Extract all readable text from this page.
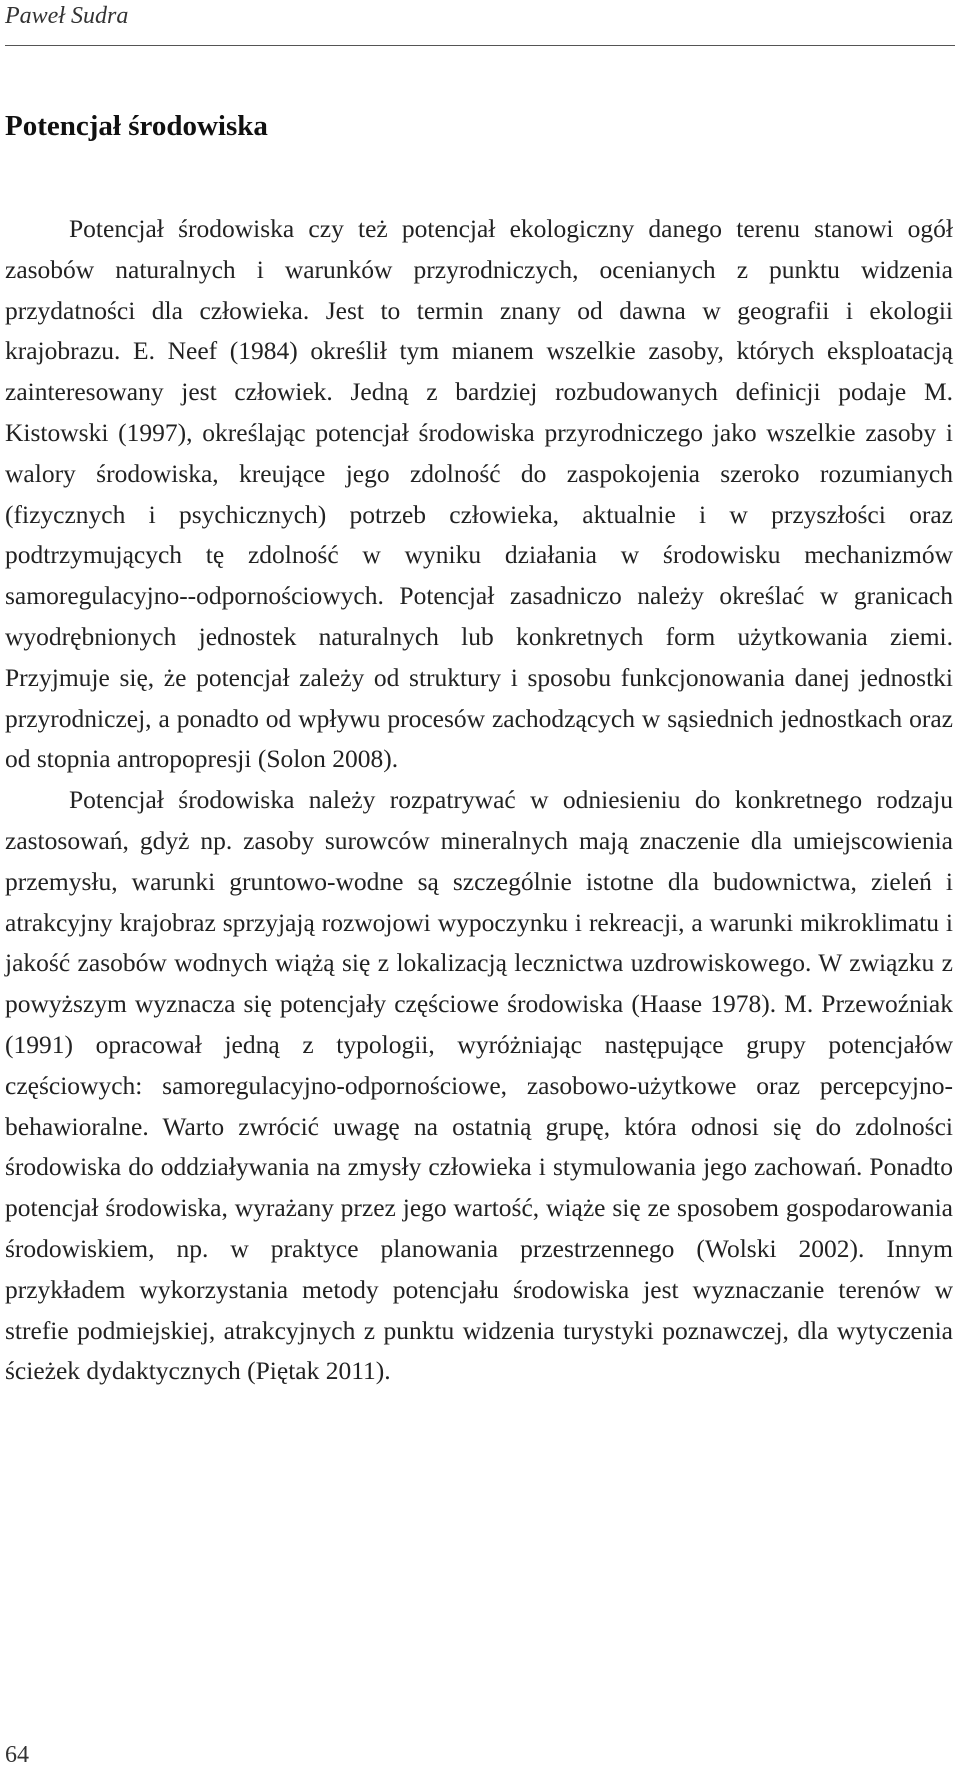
Paweł Sudra
Potencjał środowiska

Potencjał środowiska czy też potencjał ekologiczny danego terenu stanowi ogół zasobów naturalnych i warunków przyrodniczych, ocenianych z punktu widzenia przydatności dla człowieka. Jest to termin znany od dawna w geografii i ekologii krajobrazu. E. Neef (1984) określił tym mianem wszelkie zasoby, których eksploatacją zainteresowany jest człowiek. Jedną z bardziej rozbudowanych definicji podaje M. Kistowski (1997), określając potencjał środowiska przyrodniczego jako wszelkie zasoby i walory środowiska, kreujące jego zdolność do zaspokojenia szeroko rozumianych (fizycznych i psychicznych) potrzeb człowieka, aktualnie i w przyszłości oraz podtrzymujących tę zdolność w wyniku działania w środowisku mechanizmów samoregulacyjno--odpornościowych. Potencjał zasadniczo należy określać w granicach wyodrębnionych jednostek naturalnych lub konkretnych form użytkowania ziemi. Przyjmuje się, że potencjał zależy od struktury i sposobu funkcjonowania danej jednostki przyrodniczej, a ponadto od wpływu procesów zachodzących w sąsiednich jednostkach oraz od stopnia antropopresji (Solon 2008).

Potencjał środowiska należy rozpatrywać w odniesieniu do konkretnego rodzaju zastosowań, gdyż np. zasoby surowców mineralnych mają znaczenie dla umiejscowienia przemysłu, warunki gruntowo-wodne są szczególnie istotne dla budownictwa, zieleń i atrakcyjny krajobraz sprzyjają rozwojowi wypoczynku i rekreacji, a warunki mikroklimatu i jakość zasobów wodnych wiążą się z lokalizacją lecznictwa uzdrowiskowego. W związku z powyższym wyznacza się potencjały częściowe środowiska (Haase 1978). M. Przewoźniak (1991) opracował jedną z typologii, wyróżniając następujące grupy potencjałów częściowych: samoregulacyjno-odpornościowe, zasobowo-użytkowe oraz percepcyjno-behawioralne. Warto zwrócić uwagę na ostatnią grupę, która odnosi się do zdolności środowiska do oddziaływania na zmysły człowieka i stymulowania jego zachowań. Ponadto potencjał środowiska, wyrażany przez jego wartość, wiąże się ze sposobem gospodarowania środowiskiem, np. w praktyce planowania przestrzennego (Wolski 2002). Innym przykładem wykorzystania metody potencjału środowiska jest wyznaczanie terenów w strefie podmiejskiej, atrakcyjnych z punktu widzenia turystyki poznawczej, dla wytyczenia ścieżek dydaktycznych (Piętak 2011).

64
